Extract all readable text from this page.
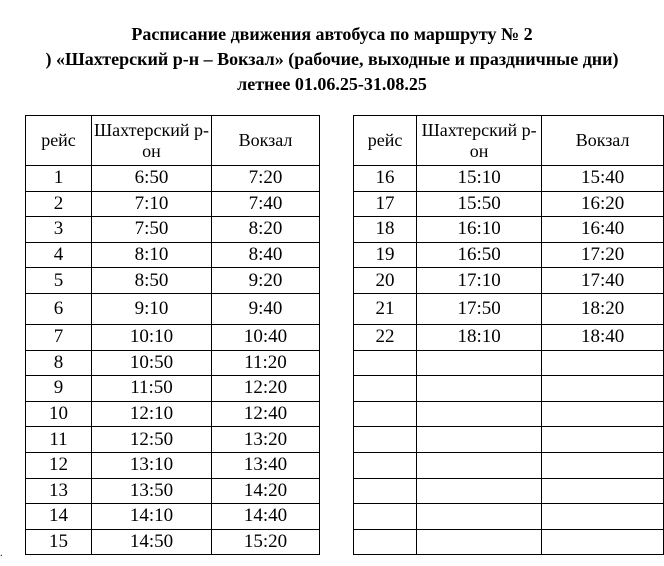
Расписание движения автобуса по маршруту № 2
) «Шахтерский р-н – Вокзал» (рабочие, выходные и праздничные дни)
летнее 01.06.25-31.08.25
рейс	Шахтерский р-он	Вокзал
1	6:50	7:20
2	7:10	7:40
3	7:50	8:20
4	8:10	8:40
5	8:50	9:20
6	9:10	9:40
7	10:10	10:40
8	10:50	11:20
9	11:50	12:20
10	12:10	12:40
11	12:50	13:20
12	13:10	13:40
13	13:50	14:20
14	14:10	14:40
15	14:50	15:20
рейс	Шахтерский р-он	Вокзал
16	15:10	15:40
17	15:50	16:20
18	16:10	16:40
19	16:50	17:20
20	17:10	17:40
21	17:50	18:20
22	18:10	18:40

.
